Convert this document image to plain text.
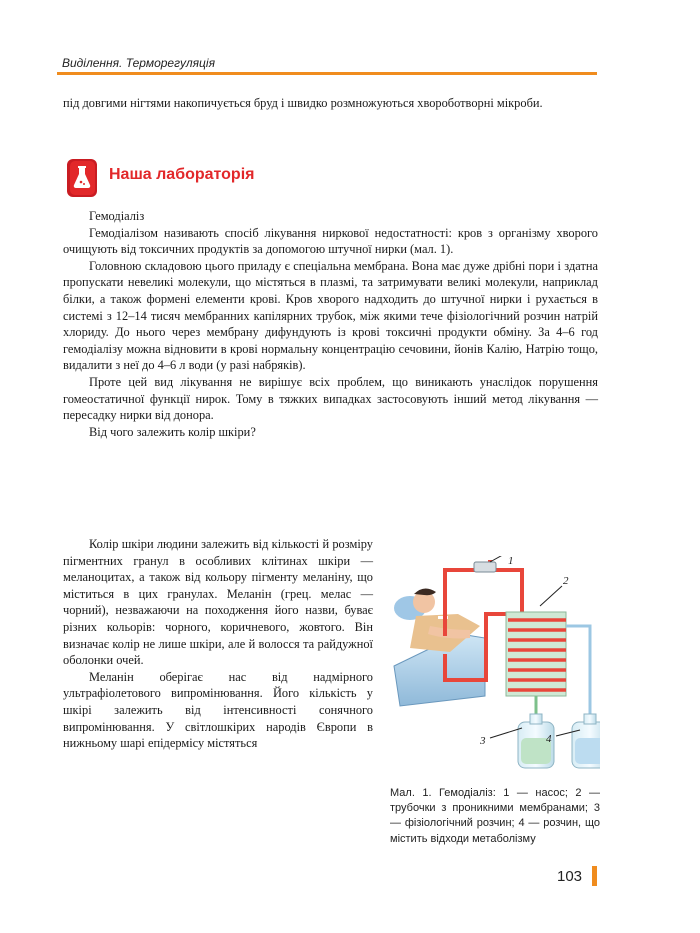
Виділення. Терморегуляція

під довгими нігтями накопичується бруд і швидко розмножуються хвороботворні мікроби.

Наша лабораторія

Гемодіаліз

Гемодіалізом називають спосіб лікування ниркової недостатності: кров з організму хворого очищують від токсичних продуктів за допомогою штучної нирки (мал. 1).

Головною складовою цього приладу є спеціальна мембрана. Вона має дуже дрібні пори і здатна пропускати невеликі молекули, що містяться в плазмі, та затримувати великі молекули, наприклад білки, а також формені елементи крові. Кров хворого надходить до штучної нирки і рухається в системі з 12–14 тисяч мембранних капілярних трубок, між якими тече фізіологічний розчин натрій хлориду. До нього через мембрану дифундують із крові токсичні продукти обміну. За 4–6 год гемодіалізу можна відновити в крові нормальну концентрацію сечовини, йонів Калію, Натрію тощо, видалити з неї до 4–6 л води (у разі набряків).

Проте цей вид лікування не вирішує всіх проблем, що виникають унаслідок порушення гомеостатичної функції нирок. Тому в тяжких випадках застосовують інший метод лікування — пересадку нирки від донора.

Від чого залежить колір шкіри?

Колір шкіри людини залежить від кількості й розміру пігментних гранул в особливих клітинах шкіри — меланоцитах, а також від кольору пігменту меланіну, що міститься в цих гранулах. Меланін (грец. мелас — чорний), незважаючи на походження його назви, буває різних кольорів: чорного, коричневого, жовтого. Він визначає колір не лише шкіри, але й волосся та райдужної оболонки очей.

Меланін оберігає нас від надмірного ультрафіолетового випромінювання. Його кількість у шкірі залежить від інтенсивності сонячного випромінювання. У світлошкірих народів Європи в нижньому шарі епідермісу містяться

1
2
3	4
Мал. 1. Гемодіаліз: 1 — насос; 2 — трубочки з проникними мембранами; 3 — фізіологічний розчин; 4 — розчин, що містить відходи метаболізму
103
